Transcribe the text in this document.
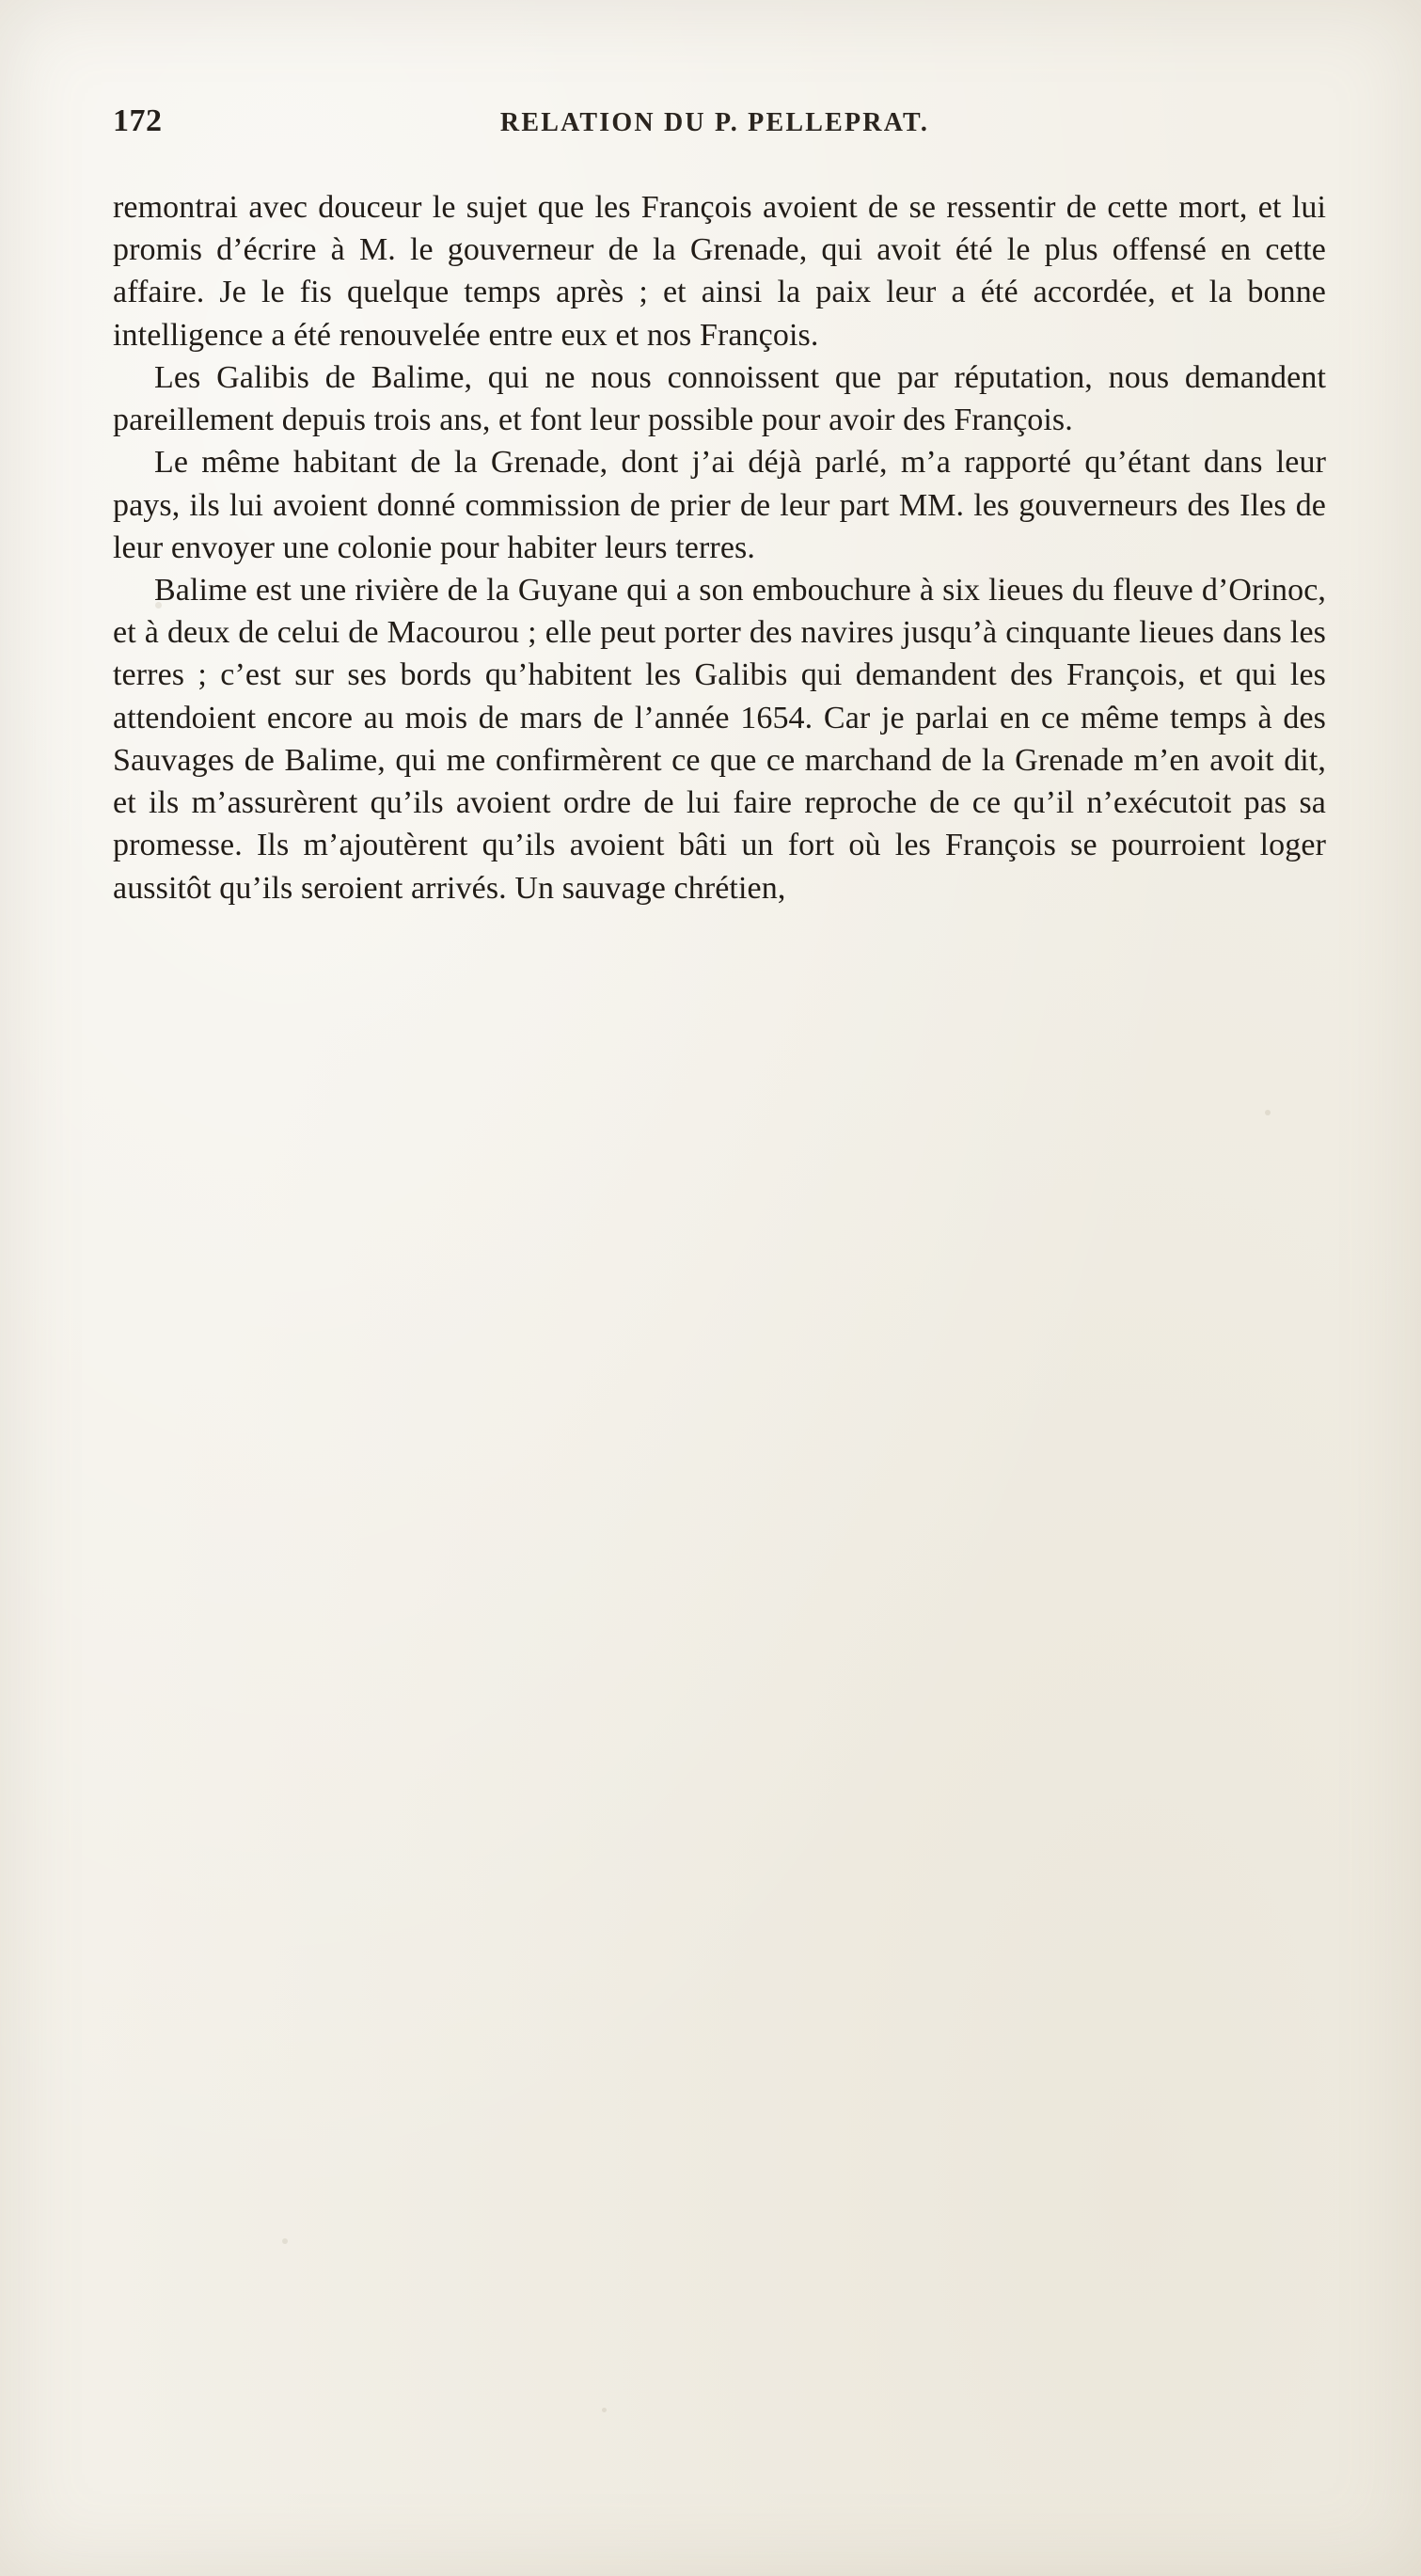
172	RELATION DU P. PELLEPRAT.

remontrai avec douceur le sujet que les François avoient de se ressentir de cette mort, et lui promis d’écrire à M. le gouverneur de la Grenade, qui avoit été le plus offensé en cette affaire. Je le fis quelque temps après ; et ainsi la paix leur a été accordée, et la bonne intelligence a été renouvelée entre eux et nos François.

Les Galibis de Balime, qui ne nous connoissent que par réputation, nous demandent pareillement depuis trois ans, et font leur possible pour avoir des François.

Le même habitant de la Grenade, dont j’ai déjà parlé, m’a rapporté qu’étant dans leur pays, ils lui avoient donné commission de prier de leur part MM. les gouverneurs des Iles de leur envoyer une colonie pour habiter leurs terres.

Balime est une rivière de la Guyane qui a son embouchure à six lieues du fleuve d’Orinoc, et à deux de celui de Macourou ; elle peut porter des navires jusqu’à cinquante lieues dans les terres ; c’est sur ses bords qu’habitent les Galibis qui demandent des François, et qui les attendoient encore au mois de mars de l’année 1654. Car je parlai en ce même temps à des Sauvages de Balime, qui me confirmèrent ce que ce marchand de la Grenade m’en avoit dit, et ils m’assurèrent qu’ils avoient ordre de lui faire reproche de ce qu’il n’exécutoit pas sa promesse. Ils m’ajoutèrent qu’ils avoient bâti un fort où les François se pourroient loger aussitôt qu’ils seroient arrivés. Un sauvage chrétien,
